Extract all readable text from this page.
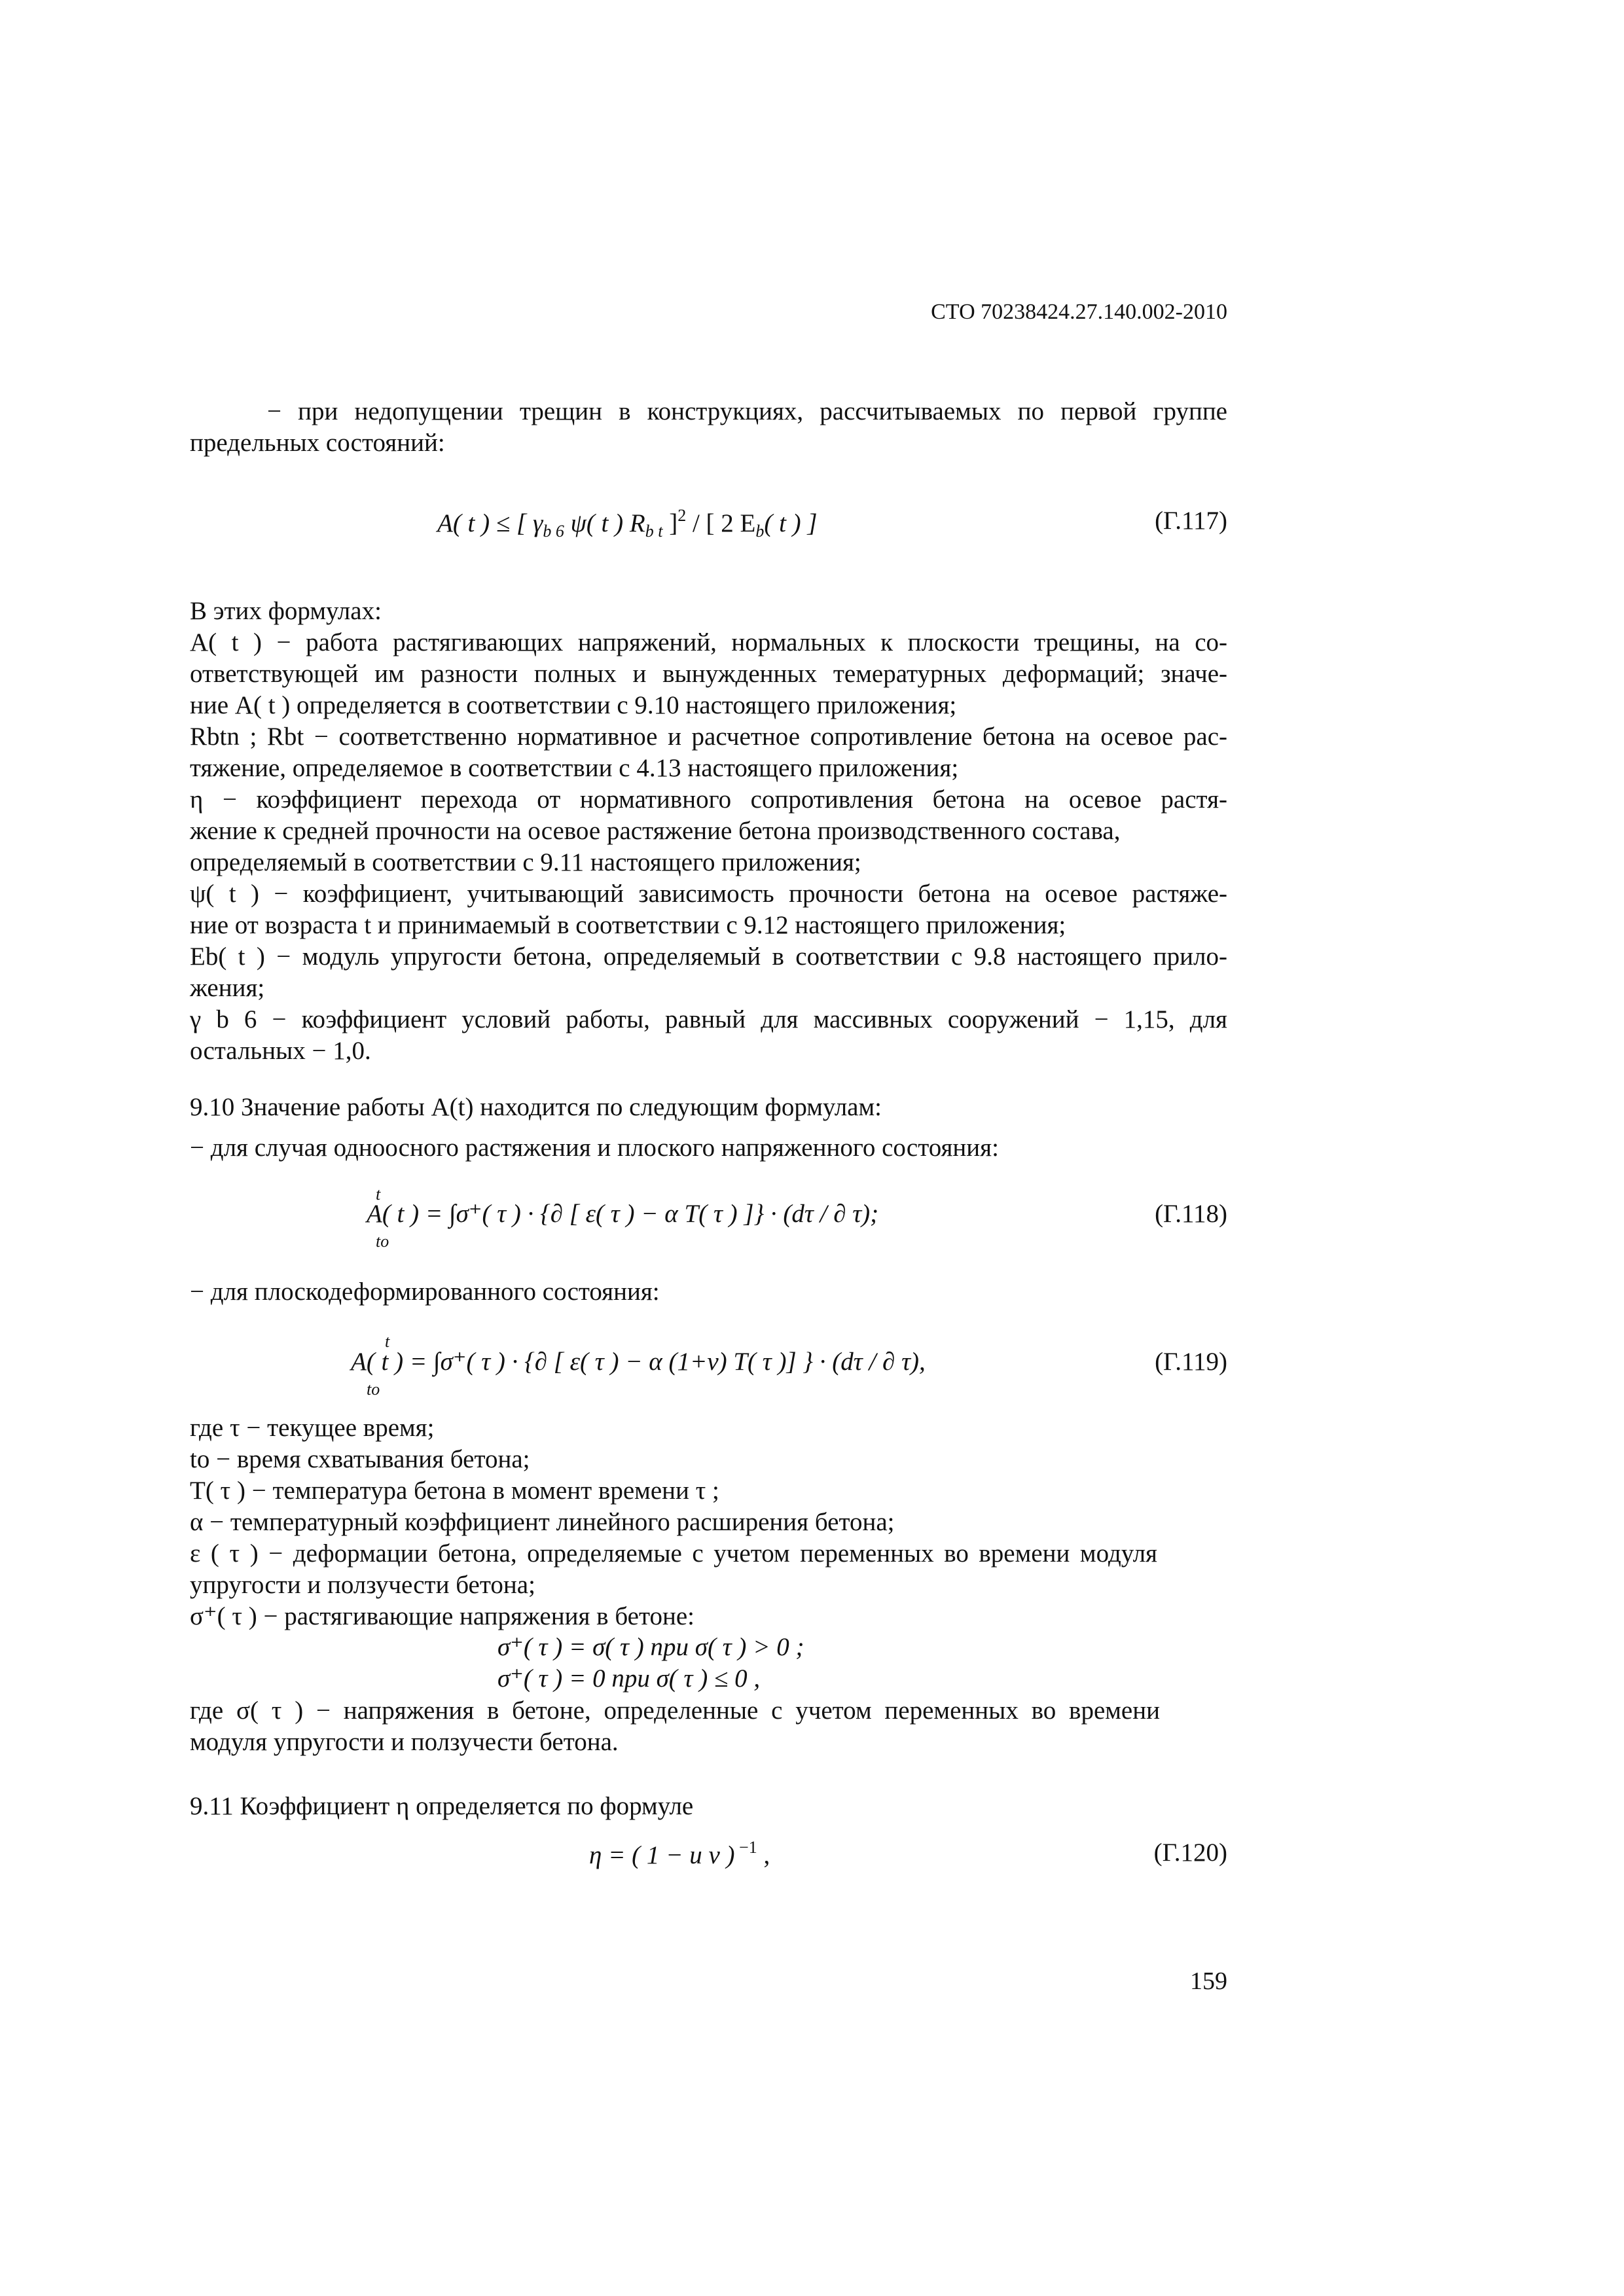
СТО 70238424.27.140.002-2010
− при недопущении трещин в конструкциях, рассчитываемых по первой группе
предельных состояний:
A( t ) ≤ [ $\gamma_{b 6}$ ψ( t ) $R_{b t}$ ]$^2$ / [ 2 $E_b$( t ) ]	(Г.117)
В этих формулах:
A( t ) − работа растягивающих напряжений, нормальных к плоскости трещины, на со-
ответствующей им разности полных и вынужденных темературных деформаций; значе-
ние A( t ) определяется в соответствии с 9.10 настоящего приложения;
Rbtn ; Rbt − соответственно нормативное и расчетное сопротивление бетона на осевое рас-
тяжение, определяемое в соответствии с 4.13 настоящего приложения;
η − коэффициент перехода от нормативного сопротивления бетона на осевое растя-
жение к средней прочности на осевое растяжение бетона производственного состава,
определяемый в соответствии с 9.11 настоящего приложения;
ψ( t ) − коэффициент, учитывающий зависимость прочности бетона на осевое растяже-
ние от возраста t и принимаемый в соответствии с 9.12 настоящего приложения;
Eb( t ) − модуль упругости бетона, определяемый в соответствии с 9.8 настоящего прило-
жения;
γ b 6 − коэффициент условий работы, равный для массивных сооружений − 1,15, для
остальных − 1,0.
9.10 Значение работы A(t) находится по следующим формулам:
− для случая одноосного растяжения и плоского напряженного состояния:
t
A( t ) = ∫σ⁺( τ ) · {∂ [ ε( τ ) − α T( τ ) ]} · (dτ / ∂ τ);
to
(Г.118)
− для плоскодеформированного состояния:
t
A( t ) = ∫σ⁺( τ ) · {∂ [ ε( τ ) − α (1+ν) T( τ )] } · (dτ / ∂ τ),
to
(Г.119)
где τ − текущее время;
to − время схватывания бетона;
T( τ ) − температура бетона в момент времени τ ;
α − температурный коэффициент линейного расширения бетона;
ε ( τ ) − деформации бетона, определяемые с учетом переменных во времени модуля
упругости и ползучести бетона;
σ⁺( τ ) − растягивающие напряжения в бетоне:
σ⁺( τ ) = σ( τ ) при σ( τ ) > 0 ;
σ⁺( τ ) = 0 при σ( τ ) ≤ 0 ,
где σ( τ ) − напряжения в бетоне, определенные с учетом переменных во времени
модуля упругости и ползучести бетона.
9.11 Коэффициент η определяется по формуле
η = ( 1 − u ν ) $^{-1}$ ,	(Г.120)
159
